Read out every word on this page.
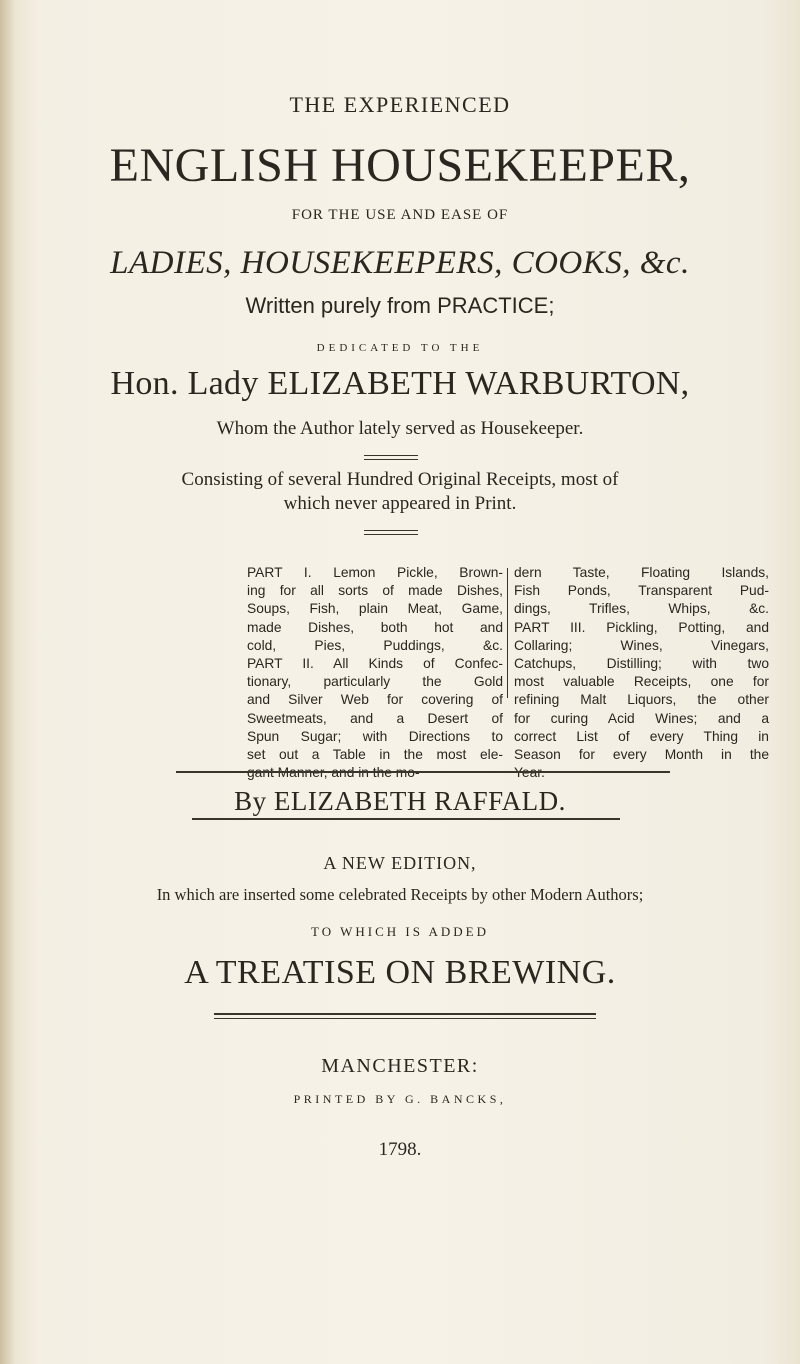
THE EXPERIENCED
ENGLISH HOUSEKEEPER,
FOR THE USE AND EASE OF
LADIES, HOUSEKEEPERS, COOKS, &c.
Written purely from PRACTICE;
DEDICATED TO THE
Hon. Lady ELIZABETH WARBURTON,
Whom the Author lately served as Housekeeper.
Consisting of several Hundred Original Receipts, most of
which never appeared in Print.
PART I. Lemon Pickle, Brown-
ing for all sorts of made Dishes,
Soups, Fish, plain Meat, Game,
made Dishes, both hot and
cold, Pies, Puddings, &c.
PART II. All Kinds of Confec-
tionary, particularly the Gold
and Silver Web for covering of
Sweetmeats, and a Desert of
Spun Sugar; with Directions to
set out a Table in the most ele-
gant Manner, and in the mo-
dern Taste, Floating Islands,
Fish Ponds, Transparent Pud-
dings, Trifles, Whips, &c.
PART III. Pickling, Potting, and
Collaring; Wines, Vinegars,
Catchups, Distilling; with two
most valuable Receipts, one for
refining Malt Liquors, the other
for curing Acid Wines; and a
correct List of every Thing in
Season for every Month in the
Year.
By ELIZABETH RAFFALD.
A NEW EDITION,
In which are inserted some celebrated Receipts by other Modern Authors;
TO WHICH IS ADDED
A TREATISE ON BREWING.
MANCHESTER:
PRINTED BY G. BANCKS,
1798.
